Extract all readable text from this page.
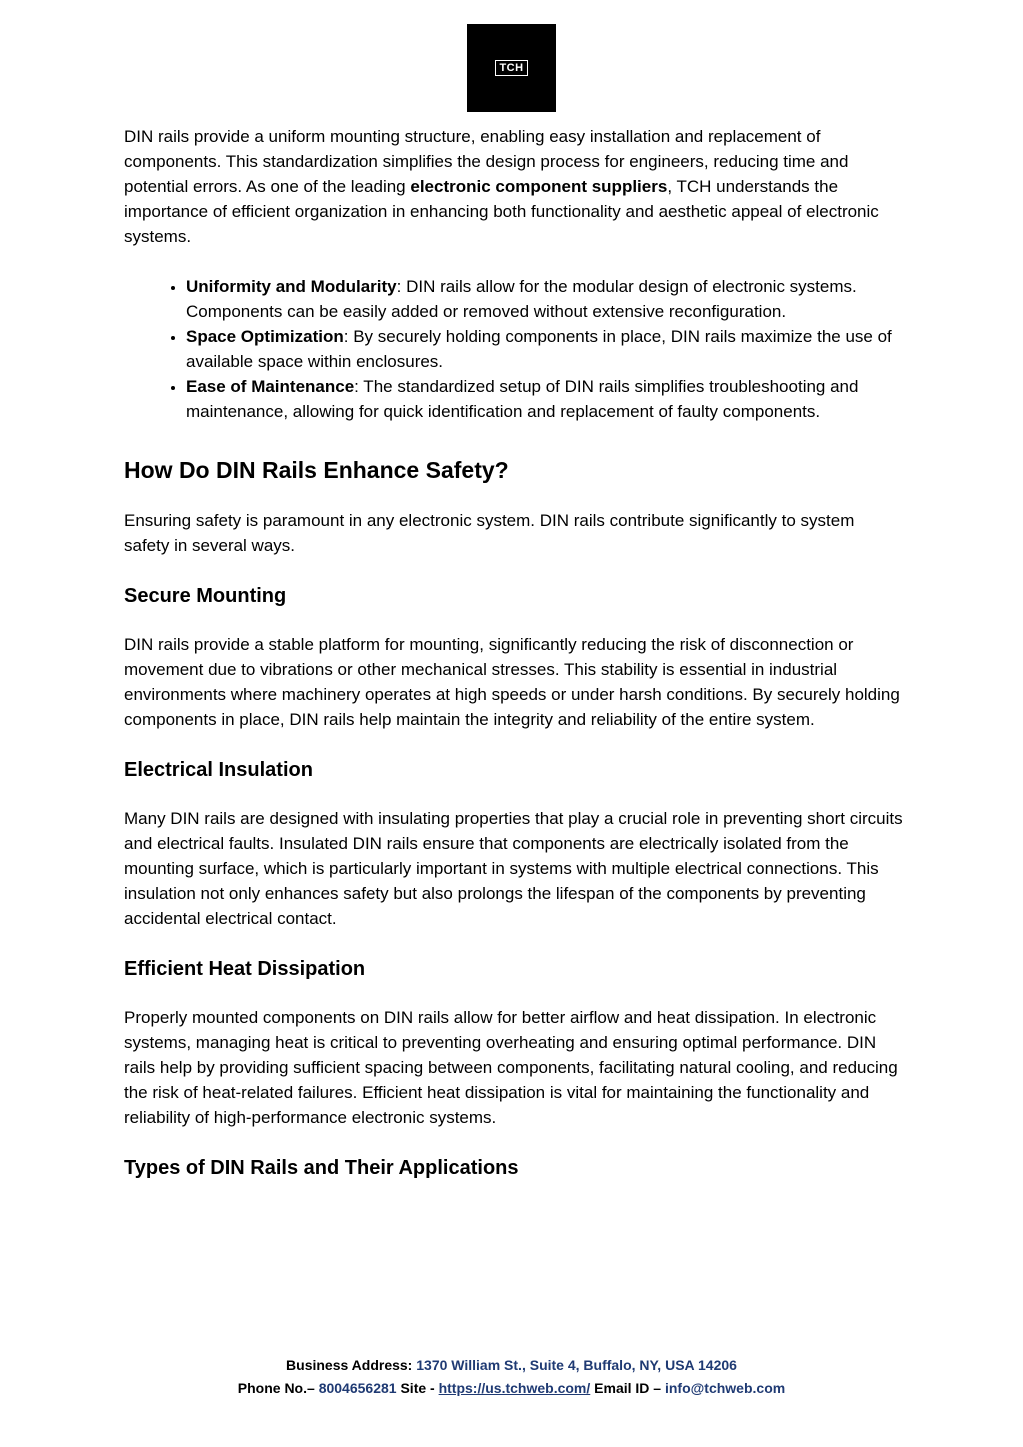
TCH

DIN rails provide a uniform mounting structure, enabling easy installation and replacement of components. This standardization simplifies the design process for engineers, reducing time and potential errors. As one of the leading electronic component suppliers, TCH understands the importance of efficient organization in enhancing both functionality and aesthetic appeal of electronic systems.

• Uniformity and Modularity: DIN rails allow for the modular design of electronic systems. Components can be easily added or removed without extensive reconfiguration.
• Space Optimization: By securely holding components in place, DIN rails maximize the use of available space within enclosures.
• Ease of Maintenance: The standardized setup of DIN rails simplifies troubleshooting and maintenance, allowing for quick identification and replacement of faulty components.
How Do DIN Rails Enhance Safety?

Ensuring safety is paramount in any electronic system. DIN rails contribute significantly to system safety in several ways.

Secure Mounting

DIN rails provide a stable platform for mounting, significantly reducing the risk of disconnection or movement due to vibrations or other mechanical stresses. This stability is essential in industrial environments where machinery operates at high speeds or under harsh conditions. By securely holding components in place, DIN rails help maintain the integrity and reliability of the entire system.

Electrical Insulation

Many DIN rails are designed with insulating properties that play a crucial role in preventing short circuits and electrical faults. Insulated DIN rails ensure that components are electrically isolated from the mounting surface, which is particularly important in systems with multiple electrical connections. This insulation not only enhances safety but also prolongs the lifespan of the components by preventing accidental electrical contact.

Efficient Heat Dissipation

Properly mounted components on DIN rails allow for better airflow and heat dissipation. In electronic systems, managing heat is critical to preventing overheating and ensuring optimal performance. DIN rails help by providing sufficient spacing between components, facilitating natural cooling, and reducing the risk of heat-related failures. Efficient heat dissipation is vital for maintaining the functionality and reliability of high-performance electronic systems.

Types of DIN Rails and Their Applications
Business Address: 1370 William St., Suite 4, Buffalo, NY, USA 14206
Phone No.– 8004656281 Site - https://us.tchweb.com/ Email ID – info@tchweb.com
